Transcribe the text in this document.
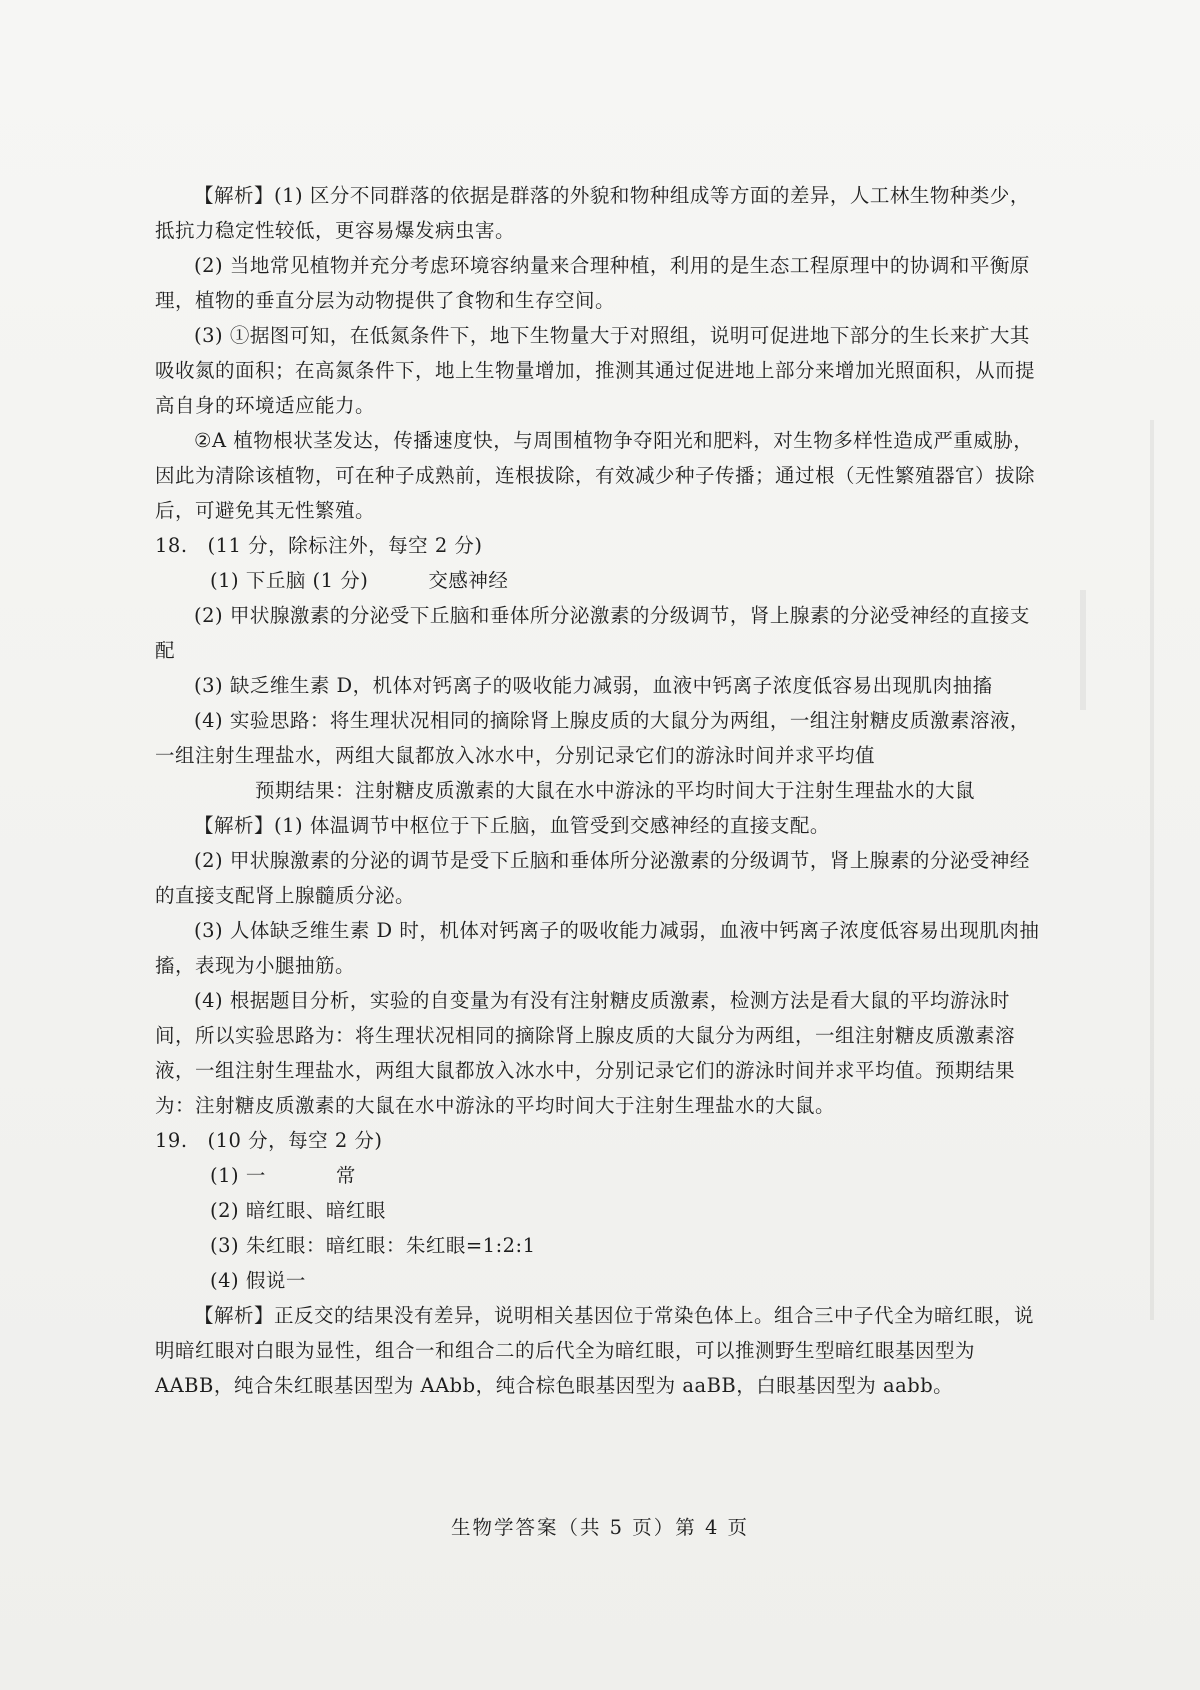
【解析】(1) 区分不同群落的依据是群落的外貌和物种组成等方面的差异，人工林生物种类少，抵抗力稳定性较低，更容易爆发病虫害。

(2) 当地常见植物并充分考虑环境容纳量来合理种植，利用的是生态工程原理中的协调和平衡原理，植物的垂直分层为动物提供了食物和生存空间。

(3) ①据图可知，在低氮条件下，地下生物量大于对照组，说明可促进地下部分的生长来扩大其吸收氮的面积；在高氮条件下，地上生物量增加，推测其通过促进地上部分来增加光照面积，从而提高自身的环境适应能力。

②A 植物根状茎发达，传播速度快，与周围植物争夺阳光和肥料，对生物多样性造成严重威胁，因此为清除该植物，可在种子成熟前，连根拔除，有效减少种子传播；通过根（无性繁殖器官）拔除后，可避免其无性繁殖。

18.　(11 分，除标注外，每空 2 分)

(1) 下丘脑 (1 分)	交感神经

(2) 甲状腺激素的分泌受下丘脑和垂体所分泌激素的分级调节，肾上腺素的分泌受神经的直接支配

(3) 缺乏维生素 D，机体对钙离子的吸收能力减弱，血液中钙离子浓度低容易出现肌肉抽搐

(4) 实验思路：将生理状况相同的摘除肾上腺皮质的大鼠分为两组，一组注射糖皮质激素溶液，一组注射生理盐水，两组大鼠都放入冰水中，分别记录它们的游泳时间并求平均值

预期结果：注射糖皮质激素的大鼠在水中游泳的平均时间大于注射生理盐水的大鼠

【解析】(1) 体温调节中枢位于下丘脑，血管受到交感神经的直接支配。

(2) 甲状腺激素的分泌的调节是受下丘脑和垂体所分泌激素的分级调节，肾上腺素的分泌受神经的直接支配肾上腺髓质分泌。

(3) 人体缺乏维生素 D 时，机体对钙离子的吸收能力减弱，血液中钙离子浓度低容易出现肌肉抽搐，表现为小腿抽筋。

(4) 根据题目分析，实验的自变量为有没有注射糖皮质激素，检测方法是看大鼠的平均游泳时间，所以实验思路为：将生理状况相同的摘除肾上腺皮质的大鼠分为两组，一组注射糖皮质激素溶液，一组注射生理盐水，两组大鼠都放入冰水中，分别记录它们的游泳时间并求平均值。预期结果为：注射糖皮质激素的大鼠在水中游泳的平均时间大于注射生理盐水的大鼠。

19.　(10 分，每空 2 分)

(1) 一	常

(2) 暗红眼、暗红眼

(3) 朱红眼：暗红眼：朱红眼=1:2:1

(4) 假说一

【解析】正反交的结果没有差异，说明相关基因位于常染色体上。组合三中子代全为暗红眼，说明暗红眼对白眼为显性，组合一和组合二的后代全为暗红眼，可以推测野生型暗红眼基因型为 AABB，纯合朱红眼基因型为 AAbb，纯合棕色眼基因型为 aaBB，白眼基因型为 aabb。

生物学答案（共 5 页）第 4 页
